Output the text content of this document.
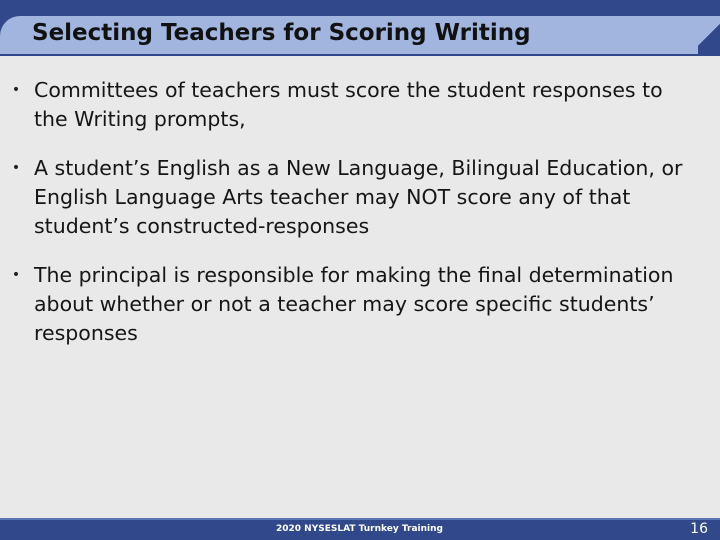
Selecting Teachers for Scoring Writing
• Committees of teachers must score the student responses to the Writing prompts,
• A student’s English as a New Language, Bilingual Education, or English Language Arts teacher may NOT score any of that student’s constructed-responses
• The principal is responsible for making the final determination about whether or not a teacher may score specific students’ responses
2020 NYSESLAT Turnkey Training	16
